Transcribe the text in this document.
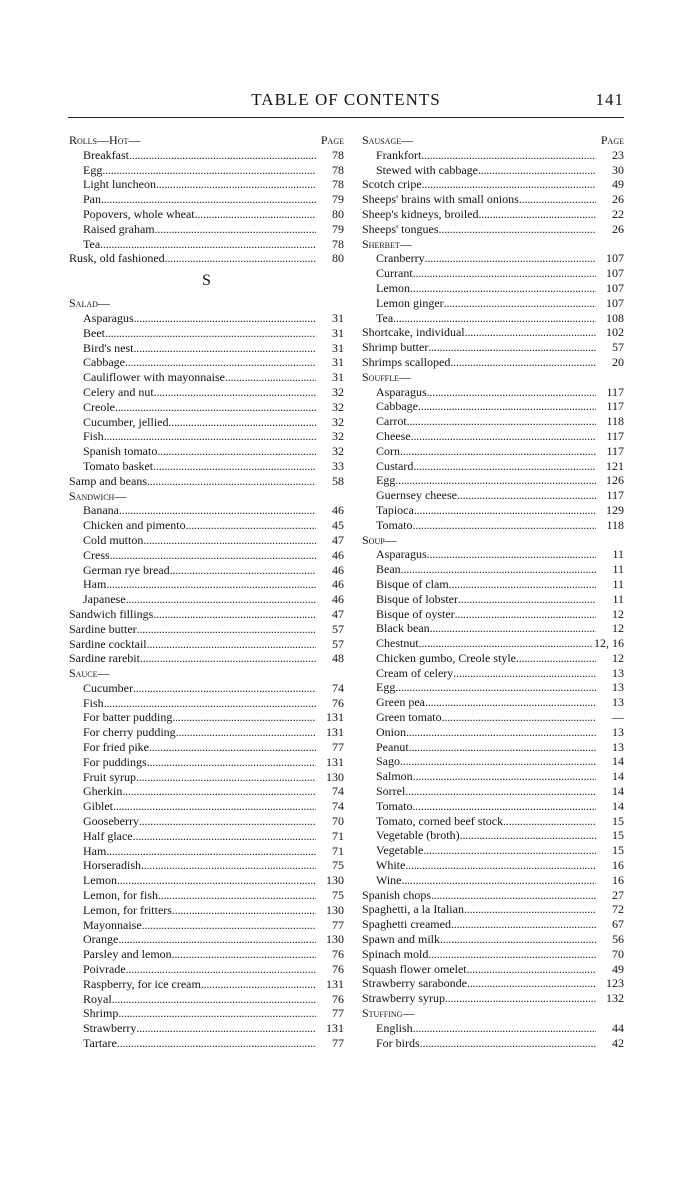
TABLE OF CONTENTS	141
Rolls—Hot—	Page
Breakfast . . .	78
Egg . . .	78
Light luncheon . . .	78
Pan . . .	79
Popovers, whole wheat . . .	80
Raised graham . . .	79
Tea . . .	78
Rusk, old fashioned . . .	80
S
Salad—
Asparagus . . .	31
Beet . . .	31
Bird's nest . . .	31
Cabbage . . .	31
Cauliflower with mayonnaise . . .	31
Celery and nut . . .	32
Creole . . .	32
Cucumber, jellied . . .	32
Fish . . .	32
Spanish tomato . . .	32
Tomato basket . . .	33
Samp and beans . . .	58
Sandwich—
Banana . . .	46
Chicken and pimento . . .	45
Cold mutton . . .	47
Cress . . .	46
German rye bread . . .	46
Ham . . .	46
Japanese . . .	46
Sandwich fillings . . .	47
Sardine butter . . .	57
Sardine cocktail . . .	57
Sardine rarebit . . .	48
Sauce—
Cucumber . . .	74
Fish . . .	76
For batter pudding . . .	131
For cherry pudding . . .	131
For fried pike . . .	77
For puddings . . .	131
Fruit syrup . . .	130
Gherkin . . .	74
Giblet . . .	74
Gooseberry . . .	70
Half glace . . .	71
Ham . . .	71
Horseradish . . .	75
Lemon . . .	130
Lemon, for fish . . .	75
Lemon, for fritters . . .	130
Mayonnaise . . .	77
Orange . . .	130
Parsley and lemon . . .	76
Poivrade . . .	76
Raspberry, for ice cream . . .	131
Royal . . .	76
Shrimp . . .	77
Strawberry . . .	131
Tartare . . .	77
Sausage—	Page
Frankfort . . .	23
Stewed with cabbage . . .	30
Scotch cripe . . .	49
Sheeps' brains with small onions . . .	26
Sheep's kidneys, broiled . . .	22
Sheeps' tongues . . .	26
Sherbet—
Cranberry . . .	107
Currant . . .	107
Lemon . . .	107
Lemon ginger . . .	107
Tea . . .	108
Shortcake, individual . . .	102
Shrimp butter . . .	57
Shrimps scalloped . . .	20
Souffle—
Asparagus . . .	117
Cabbage . . .	117
Carrot . . .	118
Cheese . . .	117
Corn . . .	117
Custard . . .	121
Egg . . .	126
Guernsey cheese . . .	117
Tapioca . . .	129
Tomato . . .	118
Soup—
Asparagus . . .	11
Bean . . .	11
Bisque of clam . . .	11
Bisque of lobster . . .	11
Bisque of oyster . . .	12
Black bean . . .	12
Chestnut . . .	12, 16
Chicken gumbo, Creole style . . .	12
Cream of celery . . .	13
Egg . . .	13
Green pea . . .	13
Green tomato . . .	—
Onion . . .	13
Peanut . . .	13
Sago . . .	14
Salmon . . .	14
Sorrel . . .	14
Tomato . . .	14
Tomato, corned beef stock . . .	15
Vegetable (broth) . . .	15
Vegetable . . .	15
White . . .	16
Wine . . .	16
Spanish chops . . .	27
Spaghetti, a la Italian . . .	72
Spaghetti creamed . . .	67
Spawn and milk . . .	56
Spinach mold . . .	70
Squash flower omelet . . .	49
Strawberry sarabonde . . .	123
Strawberry syrup . . .	132
Stuffing—
English . . .	44
For birds . . .	42
